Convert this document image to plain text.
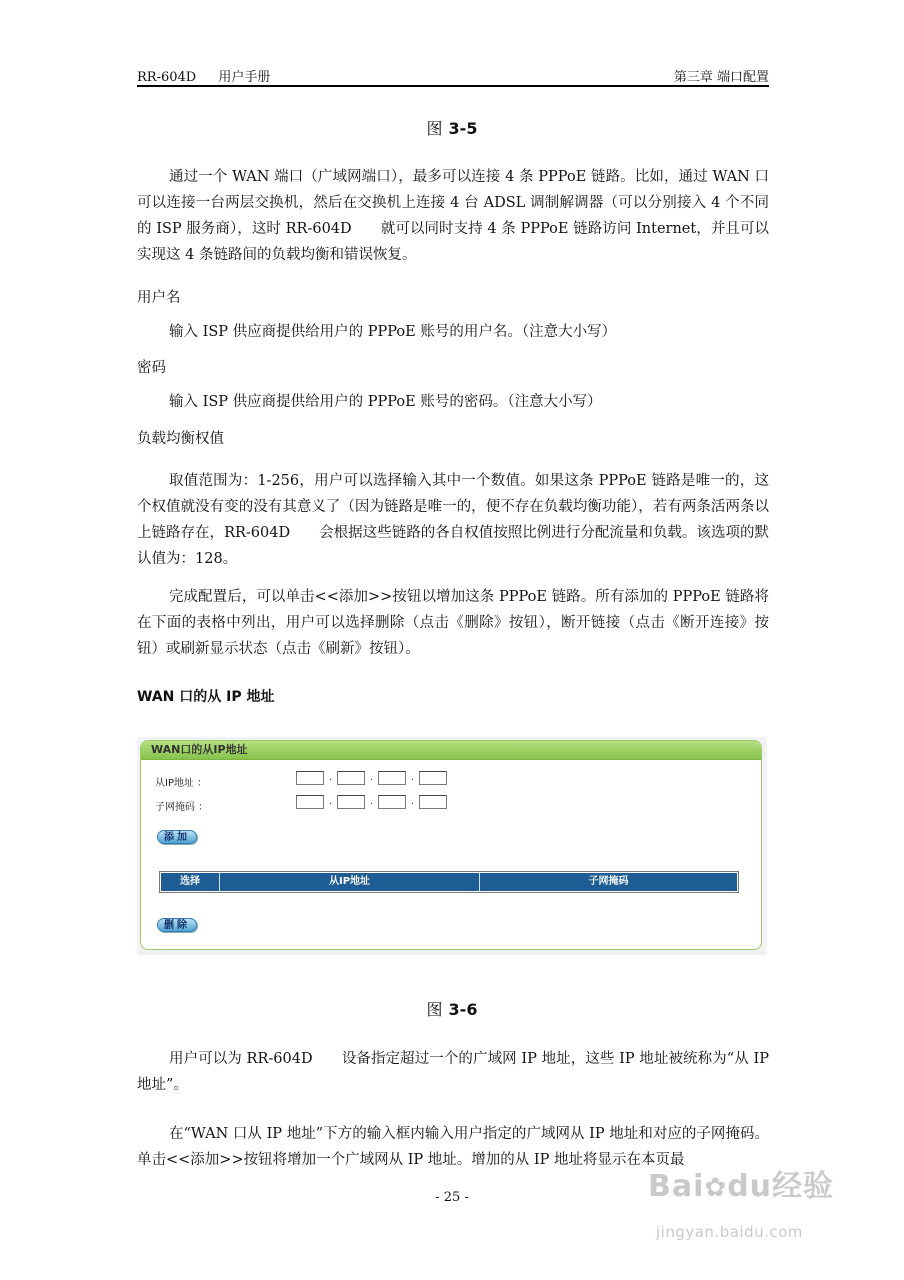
RR-604D 用户手册	第三章 端口配置
图 3-5

通过一个 WAN 端口（广域网端口），最多可以连接 4 条 PPPoE 链路。比如，通过 WAN 口可以连接一台两层交换机，然后在交换机上连接 4 台 ADSL 调制解调器（可以分别接入 4 个不同的 ISP 服务商），这时 RR-604D　　就可以同时支持 4 条 PPPoE 链路访问 Internet，并且可以实现这 4 条链路间的负载均衡和错误恢复。

用户名

输入 ISP 供应商提供给用户的 PPPoE 账号的用户名。（注意大小写）

密码

输入 ISP 供应商提供给用户的 PPPoE 账号的密码。（注意大小写）

负载均衡权值

取值范围为：1-256，用户可以选择输入其中一个数值。如果这条 PPPoE 链路是唯一的，这个权值就没有变的没有其意义了（因为链路是唯一的，便不存在负载均衡功能），若有两条活两条以上链路存在，RR-604D　　会根据这些链路的各自权值按照比例进行分配流量和负载。该选项的默认值为：128。

完成配置后，可以单击<<添加>>按钮以增加这条 PPPoE 链路。所有添加的 PPPoE 链路将在下面的表格中列出，用户可以选择删除（点击《删除》按钮），断开链接（点击《断开连接》按钮）或刷新显示状态（点击《刷新》按钮）。

WAN 口的从 IP 地址

WAN口的从IP地址
从IP地址 ：
.	.	.
子网掩码 ：
.	.	.
添加
选择	从IP地址	子网掩码
删除
图 3-6

用户可以为 RR-604D　　设备指定超过一个的广域网 IP 地址，这些 IP 地址被统称为“从 IP 地址”。

在“WAN 口从 IP 地址”下方的输入框内输入用户指定的广域网从 IP 地址和对应的子网掩码。单击<<添加>>按钮将增加一个广域网从 IP 地址。增加的从 IP 地址将显示在本页最

- 25 -	Bai✿du经验
jingyan.baidu.com
